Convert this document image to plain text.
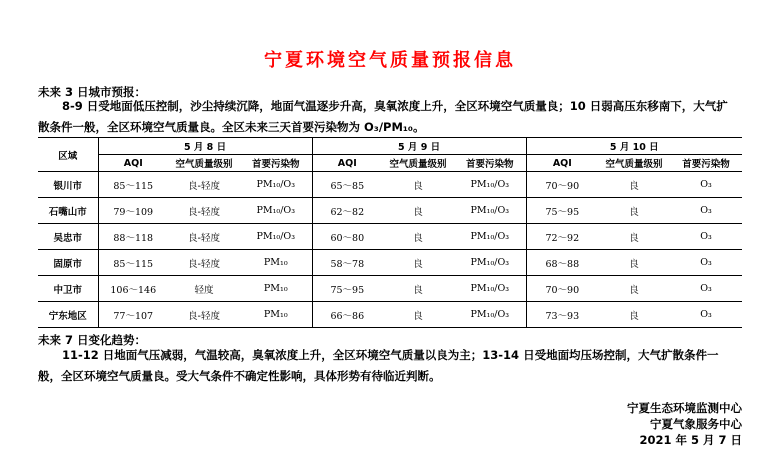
宁夏环境空气质量预报信息
未来 3 日城市预报：
8-9 日受地面低压控制，沙尘持续沉降，地面气温逐步升高，臭氧浓度上升，全区环境空气质量良；10 日弱高压东移南下，大气扩散条件一般，全区环境空气质量良。全区未来三天首要污染物为 O₃/PM₁₀。
区域	5 月 8 日			5 月 9 日			5 月 10 日		
	AQI	空气质量级别	首要污染物	AQI	空气质量级别	首要污染物	AQI	空气质量级别	首要污染物
银川市	85～115	良-轻度	PM₁₀/O₃	65～85	良	PM₁₀/O₃	70～90	良	O₃
石嘴山市	79～109	良-轻度	PM₁₀/O₃	62～82	良	PM₁₀/O₃	75～95	良	O₃
吴忠市	88～118	良-轻度	PM₁₀/O₃	60～80	良	PM₁₀/O₃	72～92	良	O₃
固原市	85～115	良-轻度	PM₁₀	58～78	良	PM₁₀/O₃	68～88	良	O₃
中卫市	106～146	轻度	PM₁₀	75～95	良	PM₁₀/O₃	70～90	良	O₃
宁东地区	77～107	良-轻度	PM₁₀	66～86	良	PM₁₀/O₃	73～93	良	O₃
未来 7 日变化趋势：
11-12 日地面气压减弱，气温较高，臭氧浓度上升，全区环境空气质量以良为主；13-14 日受地面均压场控制，大气扩散条件一般，全区环境空气质量良。受大气条件不确定性影响，具体形势有待临近判断。
宁夏生态环境监测中心
宁夏气象服务中心
2021 年 5 月 7 日
